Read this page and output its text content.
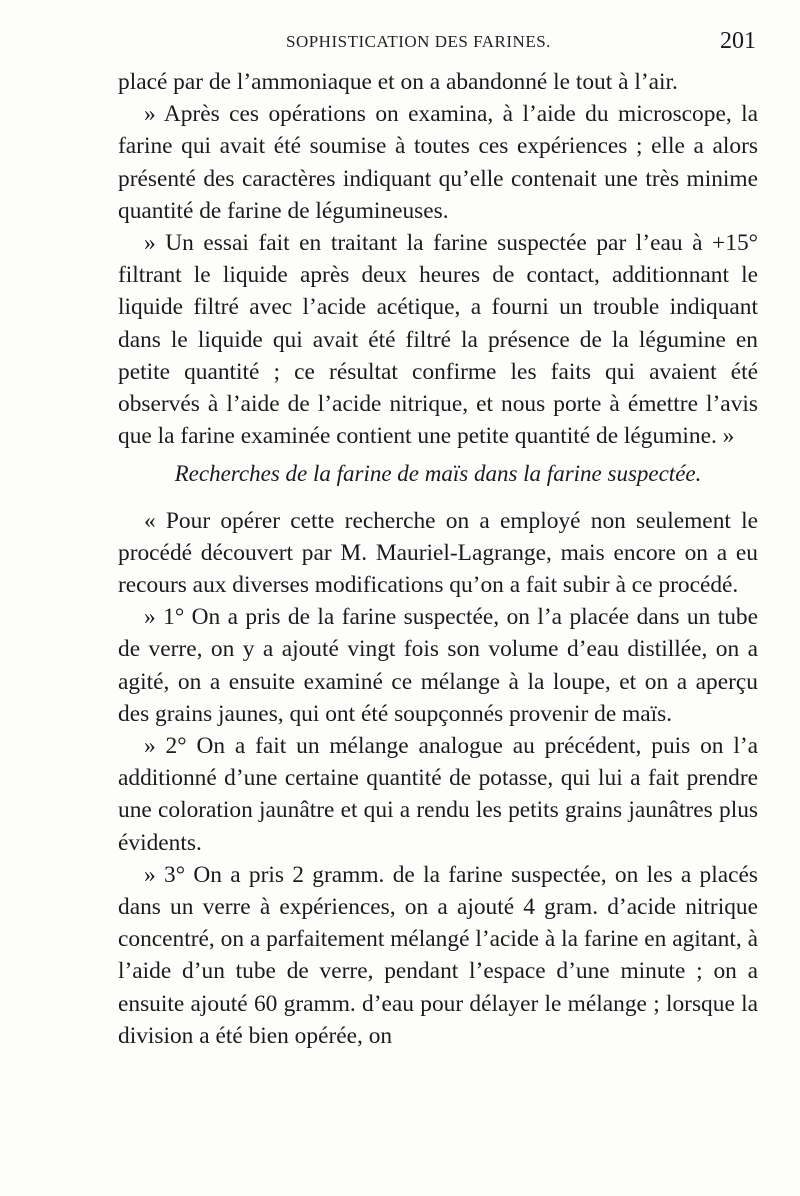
SOPHISTICATION DES FARINES.	201

placé par de l’ammoniaque et on a abandonné le tout à l’air.

» Après ces opérations on examina, à l’aide du microscope, la farine qui avait été soumise à toutes ces expériences ; elle a alors présenté des caractères indiquant qu’elle contenait une très minime quantité de farine de légumineuses.

» Un essai fait en traitant la farine suspectée par l’eau à +15° filtrant le liquide après deux heures de contact, additionnant le liquide filtré avec l’acide acétique, a fourni un trouble indiquant dans le liquide qui avait été filtré la présence de la légumine en petite quantité ; ce résultat confirme les faits qui avaient été observés à l’aide de l’acide nitrique, et nous porte à émettre l’avis que la farine examinée contient une petite quantité de légumine. »

Recherches de la farine de maïs dans la farine suspectée.

« Pour opérer cette recherche on a employé non seulement le procédé découvert par M. Mauriel-Lagrange, mais encore on a eu recours aux diverses modifications qu’on a fait subir à ce procédé.

» 1° On a pris de la farine suspectée, on l’a placée dans un tube de verre, on y a ajouté vingt fois son volume d’eau distillée, on a agité, on a ensuite examiné ce mélange à la loupe, et on a aperçu des grains jaunes, qui ont été soupçonnés provenir de maïs.

» 2° On a fait un mélange analogue au précédent, puis on l’a additionné d’une certaine quantité de potasse, qui lui a fait prendre une coloration jaunâtre et qui a rendu les petits grains jaunâtres plus évidents.

» 3° On a pris 2 gramm. de la farine suspectée, on les a placés dans un verre à expériences, on a ajouté 4 gram. d’acide nitrique concentré, on a parfaitement mélangé l’acide à la farine en agitant, à l’aide d’un tube de verre, pendant l’espace d’une minute ; on a ensuite ajouté 60 gramm. d’eau pour délayer le mélange ; lorsque la division a été bien opérée, on
